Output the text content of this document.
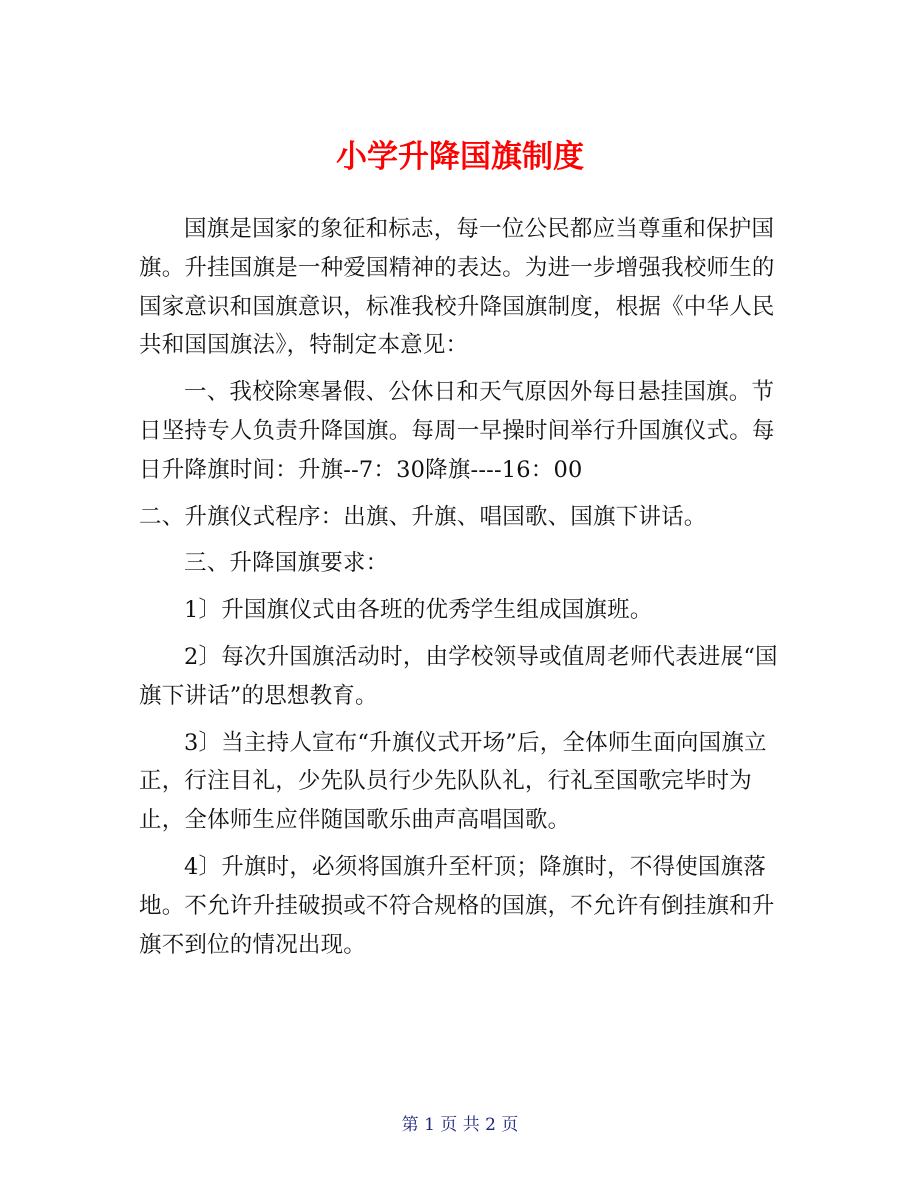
小学升降国旗制度

国旗是国家的象征和标志，每一位公民都应当尊重和保护国旗。升挂国旗是一种爱国精神的表达。为进一步增强我校师生的国家意识和国旗意识，标准我校升降国旗制度，根据《中华人民共和国国旗法》，特制定本意见：

一、我校除寒暑假、公休日和天气原因外每日悬挂国旗。节日坚持专人负责升降国旗。每周一早操时间举行升国旗仪式。每日升降旗时间：升旗--7：30降旗----16：00

二、升旗仪式程序：出旗、升旗、唱国歌、国旗下讲话。

三、升降国旗要求：

1〕升国旗仪式由各班的优秀学生组成国旗班。

2〕每次升国旗活动时，由学校领导或值周老师代表进展“国旗下讲话”的思想教育。

3〕当主持人宣布“升旗仪式开场”后，全体师生面向国旗立正，行注目礼，少先队员行少先队队礼，行礼至国歌完毕时为止，全体师生应伴随国歌乐曲声高唱国歌。

4〕升旗时，必须将国旗升至杆顶；降旗时，不得使国旗落地。不允许升挂破损或不符合规格的国旗，不允许有倒挂旗和升旗不到位的情况出现。

第 1 页 共 2 页
